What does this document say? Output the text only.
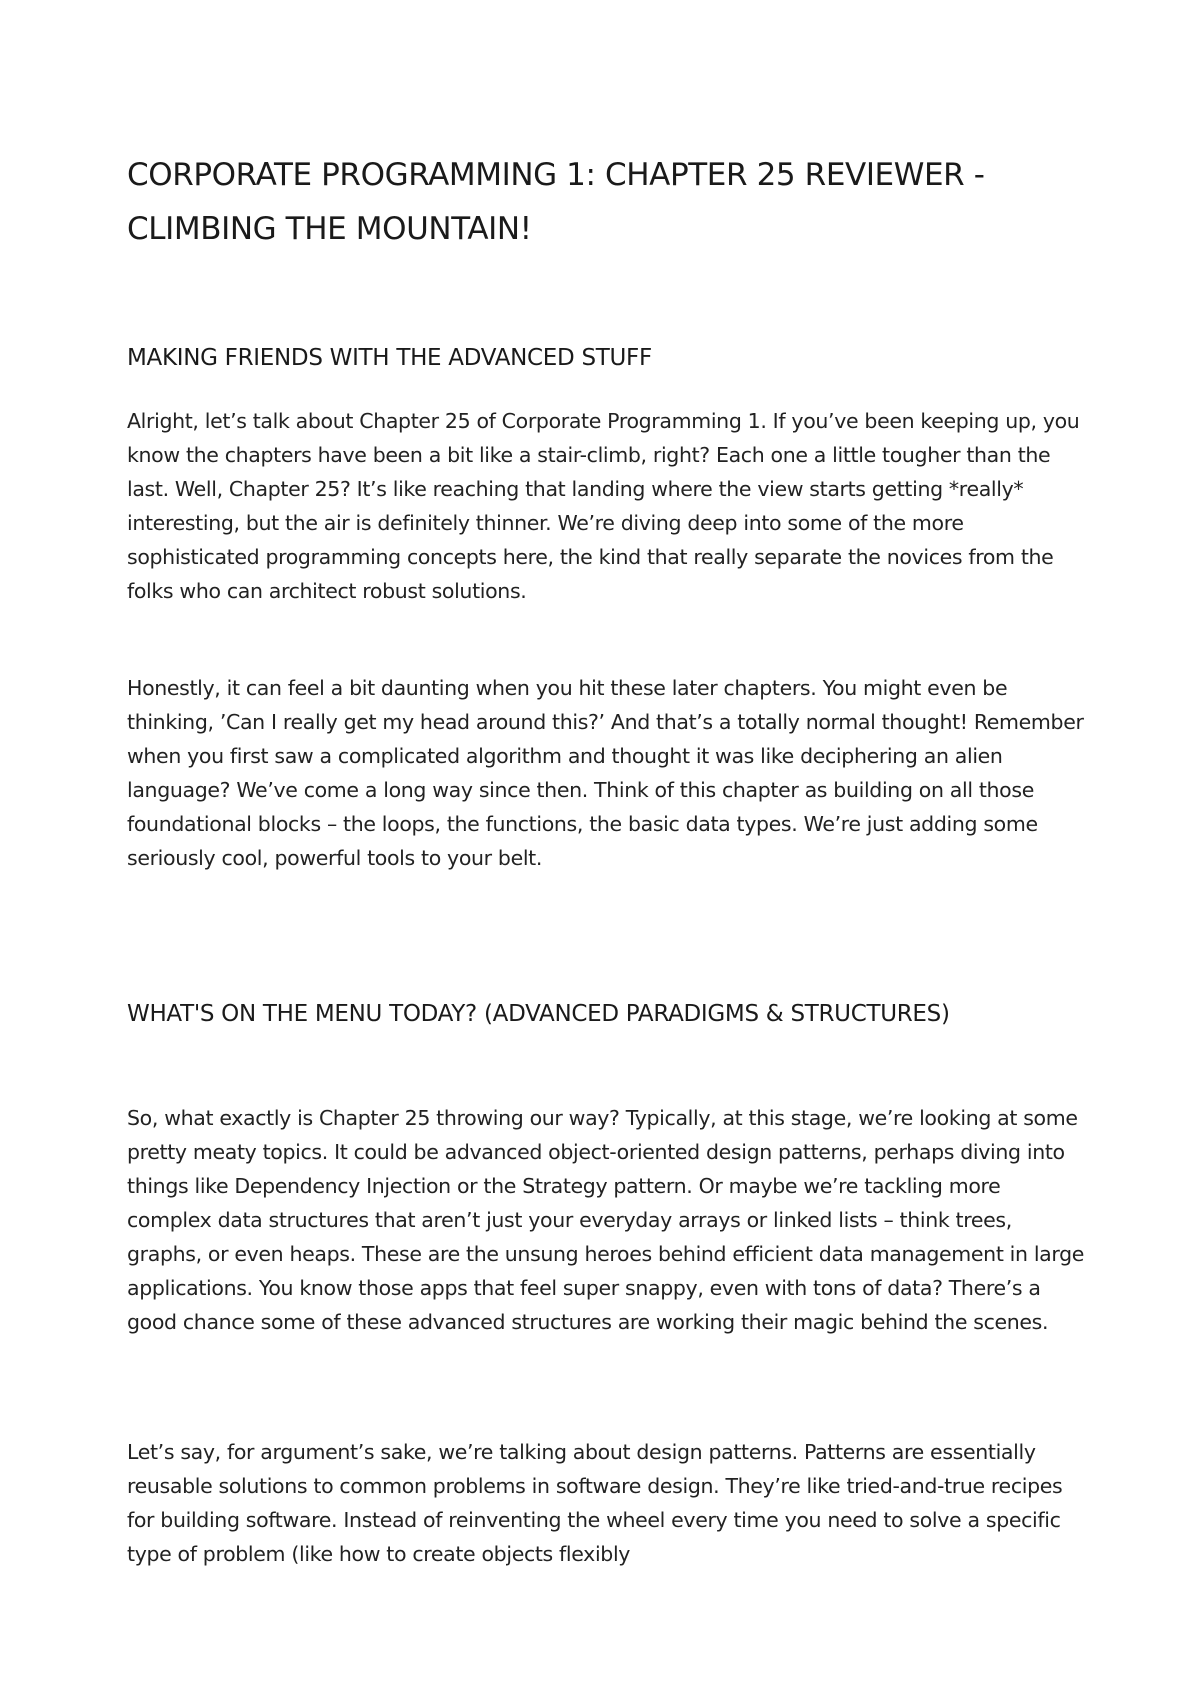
CORPORATE PROGRAMMING 1: CHAPTER 25 REVIEWER - CLIMBING THE MOUNTAIN!
MAKING FRIENDS WITH THE ADVANCED STUFF

Alright, let’s talk about Chapter 25 of Corporate Programming 1. If you’ve been keeping up, you know the chapters have been a bit like a stair-climb, right? Each one a little tougher than the last. Well, Chapter 25? It’s like reaching that landing where the view starts getting *really* interesting, but the air is definitely thinner. We’re diving deep into some of the more sophisticated programming concepts here, the kind that really separate the novices from the folks who can architect robust solutions.

Honestly, it can feel a bit daunting when you hit these later chapters. You might even be thinking, ’Can I really get my head around this?’ And that’s a totally normal thought! Remember when you first saw a complicated algorithm and thought it was like deciphering an alien language? We’ve come a long way since then. Think of this chapter as building on all those foundational blocks – the loops, the functions, the basic data types. We’re just adding some seriously cool, powerful tools to your belt.

WHAT'S ON THE MENU TODAY? (ADVANCED PARADIGMS & STRUCTURES)

So, what exactly is Chapter 25 throwing our way? Typically, at this stage, we’re looking at some pretty meaty topics. It could be advanced object-oriented design patterns, perhaps diving into things like Dependency Injection or the Strategy pattern. Or maybe we’re tackling more complex data structures that aren’t just your everyday arrays or linked lists – think trees, graphs, or even heaps. These are the unsung heroes behind efficient data management in large applications. You know those apps that feel super snappy, even with tons of data? There’s a good chance some of these advanced structures are working their magic behind the scenes.

Let’s say, for argument’s sake, we’re talking about design patterns. Patterns are essentially reusable solutions to common problems in software design. They’re like tried-and-true recipes for building software. Instead of reinventing the wheel every time you need to solve a specific type of problem (like how to create objects flexibly
